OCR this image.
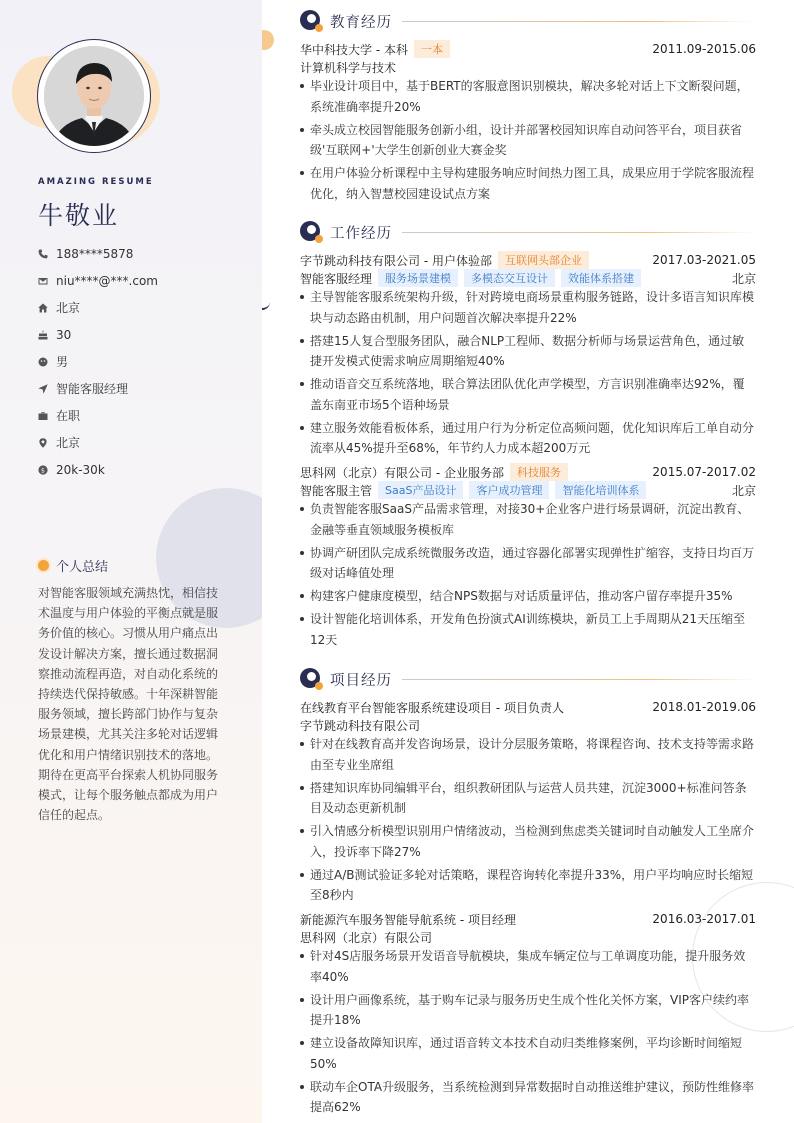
AMAZING RESUME
牛敬业
188****5878
niu****@***.com
北京
30
男
智能客服经理
在职
北京
$ 20k-30k
个人总结
对智能客服领域充满热忱，相信技术温度与用户体验的平衡点就是服务价值的核心。习惯从用户痛点出发设计解决方案，擅长通过数据洞察推动流程再造，对自动化系统的持续迭代保持敏感。十年深耕智能服务领域，擅长跨部门协作与复杂场景建模，尤其关注多轮对话逻辑优化和用户情绪识别技术的落地。期待在更高平台探索人机协同服务模式，让每个服务触点都成为用户信任的起点。
教育经历
华中科技大学 - 本科	一本	2011.09-2015.06
计算机科学与技术
毕业设计项目中，基于BERT的客服意图识别模块，解决多轮对话上下文断裂问题，系统准确率提升20%
牵头成立校园智能服务创新小组，设计并部署校园知识库自动问答平台，项目获省级'互联网+'大学生创新创业大赛金奖
在用户体验分析课程中主导构建服务响应时间热力图工具，成果应用于学院客服流程优化，纳入智慧校园建设试点方案
工作经历
字节跳动科技有限公司 - 用户体验部	互联网头部企业	2017.03-2021.05
智能客服经理	服务场景建模	多模态交互设计	效能体系搭建	北京
主导智能客服系统架构升级，针对跨境电商场景重构服务链路，设计多语言知识库模块与动态路由机制，用户问题首次解决率提升22%
搭建15人复合型服务团队，融合NLP工程师、数据分析师与场景运营角色，通过敏捷开发模式使需求响应周期缩短40%
推动语音交互系统落地，联合算法团队优化声学模型，方言识别准确率达92%，覆盖东南亚市场5个语种场景
建立服务效能看板体系，通过用户行为分析定位高频问题，优化知识库后工单自动分流率从45%提升至68%，年节约人力成本超200万元
思科网（北京）有限公司 - 企业服务部	科技服务	2015.07-2017.02
智能客服主管	SaaS产品设计	客户成功管理	智能化培训体系	北京
负责智能客服SaaS产品需求管理，对接30+企业客户进行场景调研，沉淀出教育、金融等垂直领域服务模板库
协调产研团队完成系统微服务改造，通过容器化部署实现弹性扩缩容，支持日均百万级对话峰值处理
构建客户健康度模型，结合NPS数据与对话质量评估，推动客户留存率提升35%
设计智能化培训体系，开发角色扮演式AI训练模块，新员工上手周期从21天压缩至12天
项目经历
在线教育平台智能客服系统建设项目 - 项目负责人	2018.01-2019.06
字节跳动科技有限公司
针对在线教育高并发咨询场景，设计分层服务策略，将课程咨询、技术支持等需求路由至专业坐席组
搭建知识库协同编辑平台，组织教研团队与运营人员共建，沉淀3000+标准问答条目及动态更新机制
引入情感分析模型识别用户情绪波动，当检测到焦虑类关键词时自动触发人工坐席介入，投诉率下降27%
通过A/B测试验证多轮对话策略，课程咨询转化率提升33%，用户平均响应时长缩短至8秒内
新能源汽车服务智能导航系统 - 项目经理	2016.03-2017.01
思科网（北京）有限公司
针对4S店服务场景开发语音导航模块，集成车辆定位与工单调度功能，提升服务效率40%
设计用户画像系统，基于购车记录与服务历史生成个性化关怀方案，VIP客户续约率提升18%
建立设备故障知识库，通过语音转文本技术自动归类维修案例，平均诊断时间缩短50%
联动车企OTA升级服务，当系统检测到异常数据时自动推送维护建议，预防性维修率提高62%
